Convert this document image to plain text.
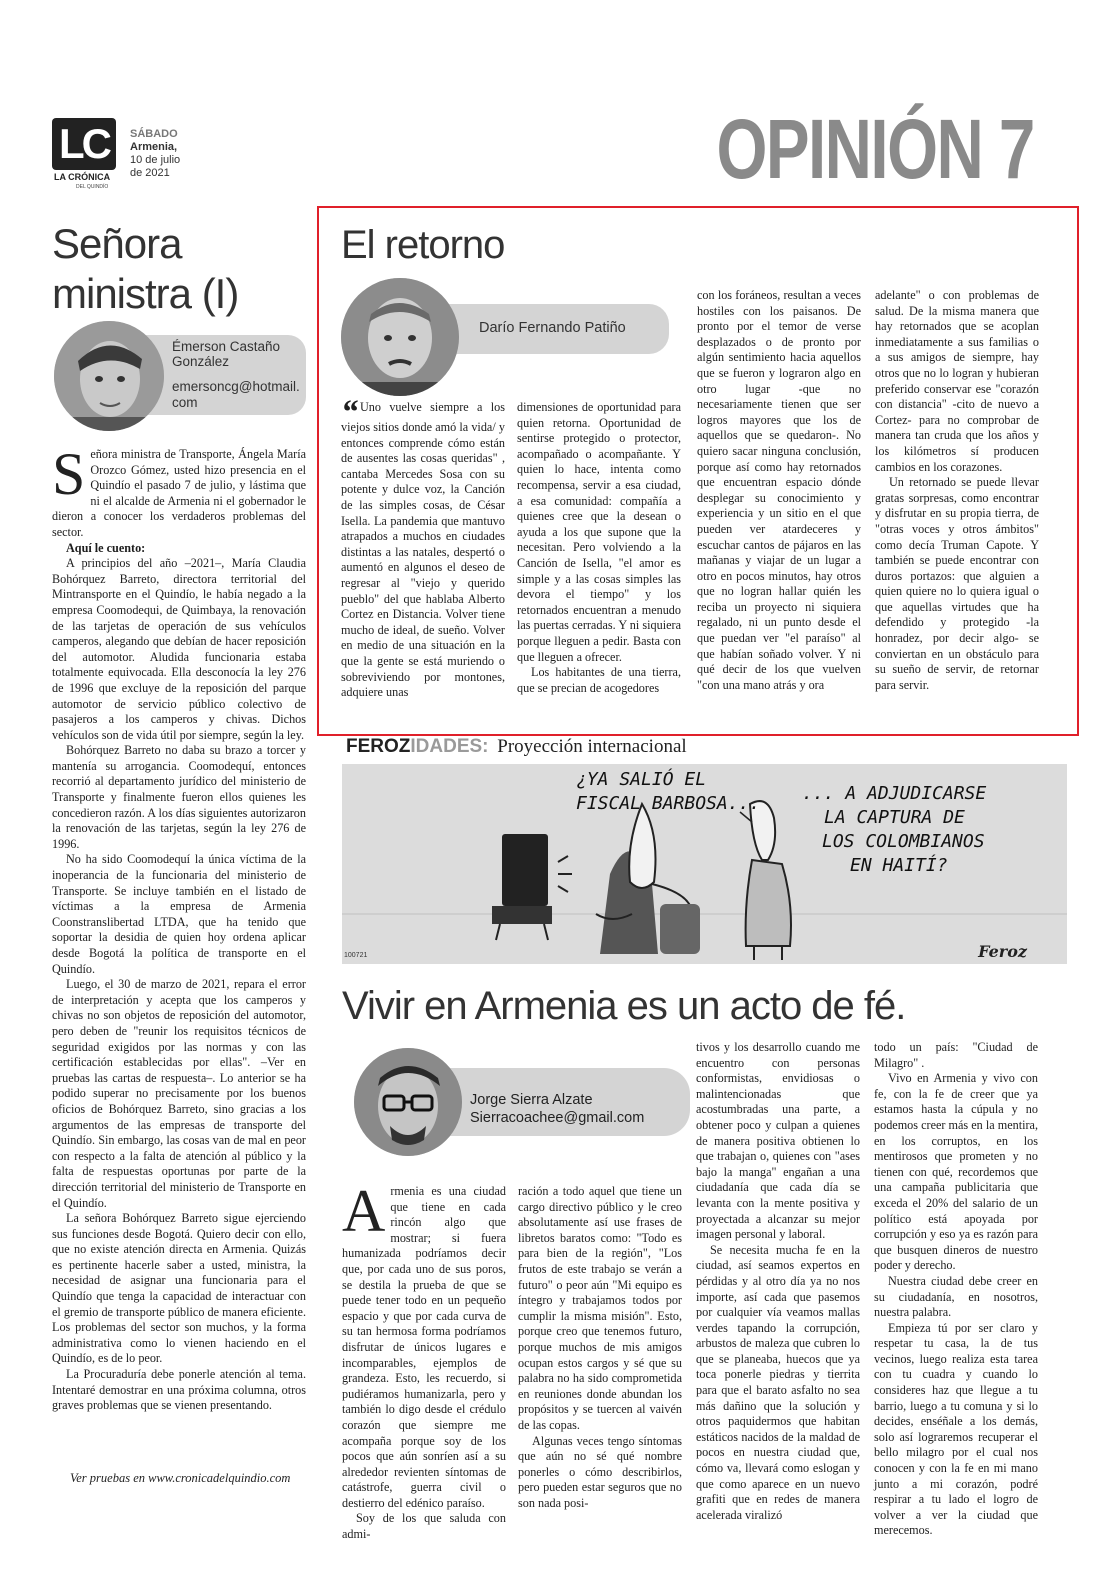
LC
LA CRÓNICA
DEL QUINDÍO
SÁBADO
Armenia,
10 de julio
de 2021	OPINIÓN 7
Señora
ministra (I)
Émerson Castaño
González
emersoncg@hotmail.
com

Señora ministra de Transporte, Ángela María Orozco Gómez, usted hizo presencia en el Quindío el pasado 7 de julio, y lástima que ni el alcalde de Armenia ni el gobernador le dieron a conocer los verdaderos problemas del sector.

Aquí le cuento:

A principios del año –2021–, María Claudia Bohórquez Barreto, directora territorial del Mintransporte en el Quindío, le había negado a la empresa Coomodequi, de Quimbaya, la renovación de las tarjetas de operación de sus vehículos camperos, alegando que debían de hacer reposición del automotor. Aludida funcionaria estaba totalmente equivocada. Ella desconocía la ley 276 de 1996 que excluye de la reposición del parque automotor de servicio público colectivo de pasajeros a los camperos y chivas. Dichos vehículos son de vida útil por siempre, según la ley.

Bohórquez Barreto no daba su brazo a torcer y mantenía su arrogancia. Coomodequí, entonces recorrió al departamento jurídico del ministerio de Transporte y finalmente fueron ellos quienes les concedieron razón. A los días siguientes autorizaron la renovación de las tarjetas, según la ley 276 de 1996.

No ha sido Coomodequí la única víctima de la inoperancia de la funcionaria del ministerio de Transporte. Se incluye también en el listado de víctimas a la empresa de Armenia Coonstranslibertad LTDA, que ha tenido que soportar la desidia de quien hoy ordena aplicar desde Bogotá la política de transporte en el Quindío.

Luego, el 30 de marzo de 2021, repara el error de interpretación y acepta que los camperos y chivas no son objetos de reposición del automotor, pero deben de "reunir los requisitos técnicos de seguridad exigidos por las normas y con las certificación establecidas por ellas". –Ver en pruebas las cartas de respuesta–. Lo anterior se ha podido superar no precisamente por los buenos oficios de Bohórquez Barreto, sino gracias a los argumentos de las empresas de transporte del Quindío. Sin embargo, las cosas van de mal en peor con respecto a la falta de atención al público y la falta de respuestas oportunas por parte de la dirección territorial del ministerio de Transporte en el Quindío.

La señora Bohórquez Barreto sigue ejerciendo sus funciones desde Bogotá. Quiero decir con ello, que no existe atención directa en Armenia. Quizás es pertinente hacerle saber a usted, ministra, la necesidad de asignar una funcionaria para el Quindío que tenga la capacidad de interactuar con el gremio de transporte público de manera eficiente. Los problemas del sector son muchos, y la forma administrativa como lo vienen haciendo en el Quindío, es de lo peor.

La Procuraduría debe ponerle atención al tema. Intentaré demostrar en una próxima columna, otros graves problemas que se vienen presentando.

Ver pruebas en www.cronicadelquindio.com
El retorno
Darío Fernando Patiño

“ Uno vuelve siempre a los viejos sitios donde amó la vida/ y entonces comprende cómo están de ausentes las cosas queridas" , cantaba Mercedes Sosa con su potente y dulce voz, la Canción de las simples cosas, de César Isella. La pandemia que mantuvo atrapados a muchos en ciudades distintas a las natales, despertó o aumentó en algunos el deseo de regresar al "viejo y querido pueblo" del que hablaba Alberto Cortez en Distancia. Volver tiene mucho de ideal, de sueño. Volver en medio de una situación en la que la gente se está muriendo o sobreviviendo por montones, adquiere unas

dimensiones de oportunidad para quien retorna. Oportunidad de sentirse protegido o protector, acompañado o acompañante. Y quien lo hace, intenta como recompensa, servir a esa ciudad, a esa comunidad: compañía a quienes cree que la desean o ayuda a los que supone que la necesitan. Pero volviendo a la Canción de Isella, "el amor es simple y a las cosas simples las devora el tiempo" y los retornados encuentran a menudo las puertas cerradas. Y ni siquiera porque lleguen a pedir. Basta con que lleguen a ofrecer.

Los habitantes de una tierra, que se precian de acogedores

con los foráneos, resultan a veces hostiles con los paisanos. De pronto por el temor de verse desplazados o de pronto por algún sentimiento hacia aquellos que se fueron y lograron algo en otro lugar -que no necesariamente tienen que ser logros mayores que los de aquellos que se quedaron-. No quiero sacar ninguna conclusión, porque así como hay retornados que encuentran espacio dónde desplegar su conocimiento y experiencia y un sitio en el que pueden ver atardeceres y escuchar cantos de pájaros en las mañanas y viajar de un lugar a otro en pocos minutos, hay otros que no logran hallar quién les reciba un proyecto ni siquiera regalado, ni un punto desde el que puedan ver "el paraíso" al que habían soñado volver. Y ni qué decir de los que vuelven "con una mano atrás y ora

adelante" o con problemas de salud. De la misma manera que hay retornados que se acoplan inmediatamente a sus familias o a sus amigos de siempre, hay otros que no lo logran y hubieran preferido conservar ese "corazón con distancia" -cito de nuevo a Cortez- para no comprobar de manera tan cruda que los años y los kilómetros sí producen cambios en los corazones.

Un retornado se puede llevar gratas sorpresas, como encontrar y disfrutar en su propia tierra, de "otras voces y otros ámbitos" como decía Truman Capote. Y también se puede encontrar con duros portazos: que alguien a quien quiere no lo quiera igual o que aquellas virtudes que ha defendido y protegido -la honradez, por decir algo- se conviertan en un obstáculo para su sueño de servir, de retornar para servir.

FEROZIDADES: Proyección internacional
¿YA SALIÓ EL
FISCAL BARBOSA... ... A ADJUDICARSE
LA CAPTURA DE
LOS COLOMBIANOS
EN HAITÍ?
100721	Feroz
Vivir en Armenia es un acto de fé.
Jorge Sierra Alzate
Sierracoachee@gmail.com

Armenia es una ciudad que tiene en cada rincón algo que mostrar; si fuera humanizada podríamos decir que, por cada uno de sus poros, se destila la prueba de que se puede tener todo en un pequeño espacio y que por cada curva de su tan hermosa forma podríamos disfrutar de únicos lugares e incomparables, ejemplos de grandeza. Esto, les recuerdo, si pudiéramos humanizarla, pero y también lo digo desde el crédulo corazón que siempre me acompaña porque soy de los pocos que aún sonríen así a su alrededor revienten síntomas de catástrofe, guerra civil o destierro del edénico paraíso.

Soy de los que saluda con admi-

ración a todo aquel que tiene un cargo directivo público y le creo absolutamente así use frases de libretos baratos como: "Todo es para bien de la región", "Los frutos de este trabajo se verán a futuro" o peor aún "Mi equipo es íntegro y trabajamos todos por cumplir la misma misión". Esto, porque creo que tenemos futuro, porque muchos de mis amigos ocupan estos cargos y sé que su palabra no ha sido comprometida en reuniones donde abundan los propósitos y se tuercen al vaivén de las copas.

Algunas veces tengo síntomas que aún no sé qué nombre ponerles o cómo describirlos, pero pueden estar seguros que no son nada posi-

tivos y los desarrollo cuando me encuentro con personas conformistas, envidiosas o malintencionadas que acostumbradas una parte, a obtener poco y culpan a quienes de manera positiva obtienen lo que trabajan o, quienes con "ases bajo la manga" engañan a una ciudadanía que cada día se levanta con la mente positiva y proyectada a alcanzar su mejor imagen personal y laboral.

Se necesita mucha fe en la ciudad, así seamos expertos en pérdidas y al otro día ya no nos importe, así cada que pasemos por cualquier vía veamos mallas verdes tapando la corrupción, arbustos de maleza que cubren lo que se planeaba, huecos que ya toca ponerle piedras y tierrita para que el barato asfalto no sea más dañino que la solución y otros paquidermos que habitan estáticos nacidos de la maldad de pocos en nuestra ciudad que, cómo va, llevará como eslogan y que como aparece en un nuevo grafiti que en redes de manera acelerada viralizó

todo un país: "Ciudad de Milagro" .

Vivo en Armenia y vivo con fe, con la fe de creer que ya estamos hasta la cúpula y no podemos creer más en la mentira, en los corruptos, en los mentirosos que prometen y no tienen con qué, recordemos que una campaña publicitaria que exceda el 20% del salario de un político está apoyada por corrupción y eso ya es razón para que busquen dineros de nuestro poder y derecho.

Nuestra ciudad debe creer en su ciudadanía, en nosotros, nuestra palabra.

Empieza tú por ser claro y respetar tu casa, la de tus vecinos, luego realiza esta tarea con tu cuadra y cuando lo consideres haz que llegue a tu barrio, luego a tu comuna y si lo decides, enséñale a los demás, solo así lograremos recuperar el bello milagro por el cual nos conocen y con la fe en mi mano junto a mi corazón, podré respirar a tu lado el logro de volver a ver la ciudad que merecemos.
